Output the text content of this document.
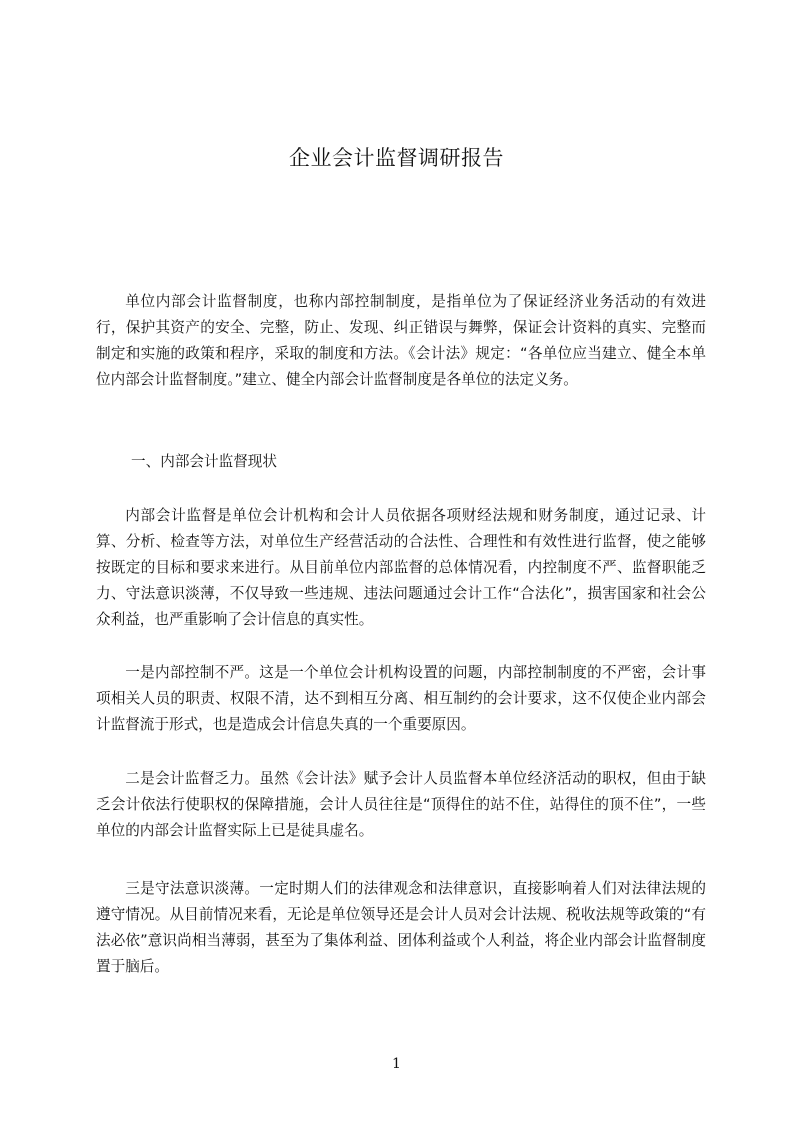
企业会计监督调研报告

单位内部会计监督制度，也称内部控制制度，是指单位为了保证经济业务活动的有效进行，保护其资产的安全、完整，防止、发现、纠正错误与舞弊，保证会计资料的真实、完整而制定和实施的政策和程序，采取的制度和方法。《会计法》规定：“各单位应当建立、健全本单位内部会计监督制度。”建立、健全内部会计监督制度是各单位的法定义务。

一、内部会计监督现状

内部会计监督是单位会计机构和会计人员依据各项财经法规和财务制度，通过记录、计算、分析、检查等方法，对单位生产经营活动的合法性、合理性和有效性进行监督，使之能够按既定的目标和要求来进行。从目前单位内部监督的总体情况看，内控制度不严、监督职能乏力、守法意识淡薄，不仅导致一些违规、违法问题通过会计工作“合法化”，损害国家和社会公众利益，也严重影响了会计信息的真实性。

一是内部控制不严。这是一个单位会计机构设置的问题，内部控制制度的不严密，会计事项相关人员的职责、权限不清，达不到相互分离、相互制约的会计要求，这不仅使企业内部会计监督流于形式，也是造成会计信息失真的一个重要原因。

二是会计监督乏力。虽然《会计法》赋予会计人员监督本单位经济活动的职权，但由于缺乏会计依法行使职权的保障措施，会计人员往往是“顶得住的站不住，站得住的顶不住”，一些单位的内部会计监督实际上已是徒具虚名。

三是守法意识淡薄。一定时期人们的法律观念和法律意识，直接影响着人们对法律法规的遵守情况。从目前情况来看，无论是单位领导还是会计人员对会计法规、税收法规等政策的“有法必依”意识尚相当薄弱，甚至为了集体利益、团体利益或个人利益，将企业内部会计监督制度置于脑后。

1
